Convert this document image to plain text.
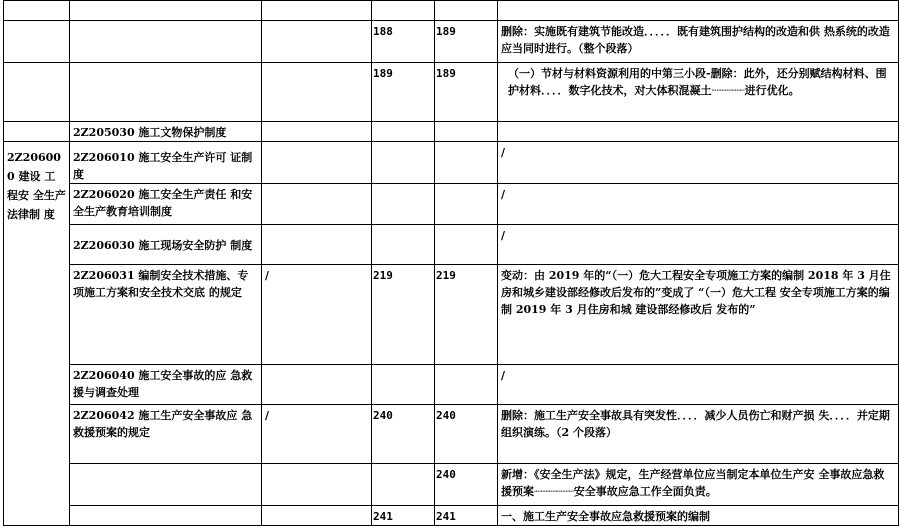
			188	189	删除：实施既有建筑节能改造．．．．．既有建筑围护结构的改造和供 热系统的改造应当同时进行。（整个段落）
			189	189	（一）节材与材料资源利用的中第三小段-删除：此外，还分别赋结构材料、围护材料．．．．数字化技术，对大体积混凝土┈┈┈┈┈进行优化。
	2Z205030 施工文物保护制度				
2Z20600 0 建设 工程安 全生产 法律制 度	2Z206010 施工安全生产许可 证制度				/
	2Z206020 施工安全生产责任 和安全生产教育培训制度				/
	2Z206030 施工现场安全防护 制度				/
	2Z206031 编制安全技术措施、专项施工方案和安全技术交底 的规定	/	219	219	变动：由 2019 年的“（一）危大工程安全专项施工方案的编制 2018 年 3 月住房和城乡建设部经修改后发布的”变成了 “（一）危大工程 安全专项施工方案的编制 2019 年 3 月住房和城 建设部经修改后 发布的”
	2Z206040 施工安全事故的应 急救援与调查处理				/
	2Z206042 施工生产安全事故应 急救援预案的规定	/	240	240	删除：施工生产安全事故具有突发性．．．．减少人员伤亡和财产损 失．．．．并定期组织演练。（2 个段落）
				240	新增：《安全生产法》规定，生产经营单位应当制定本单位生产安 全事故应急救援预案┈┈┈┈┈┈安全事故应急工作全面负责。
			241	241	一、施工生产安全事故应急救援预案的编制
